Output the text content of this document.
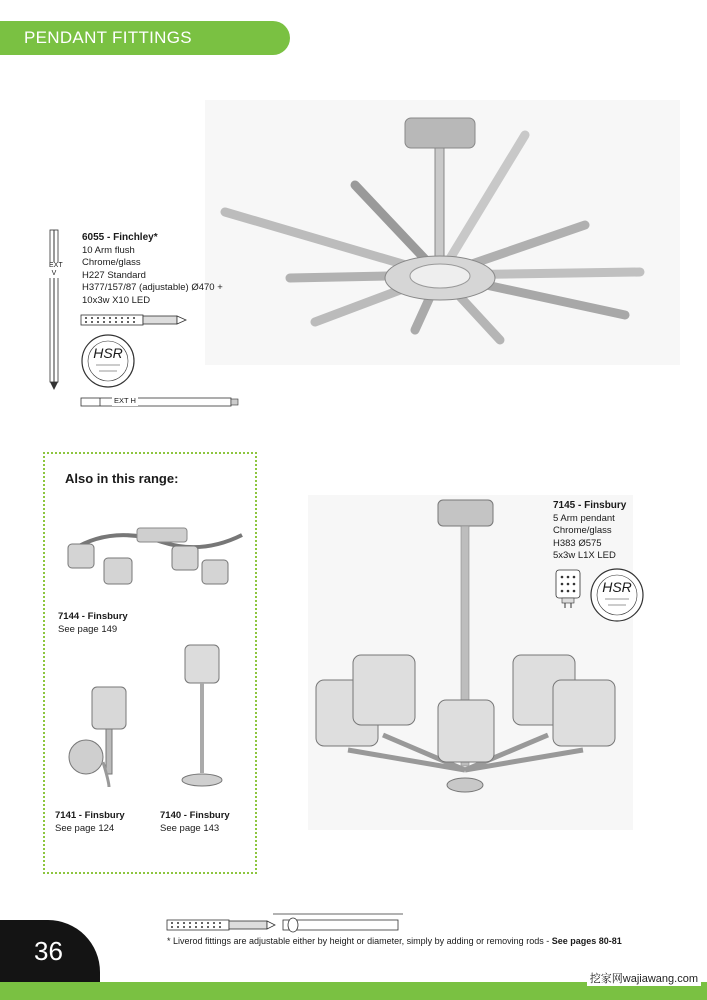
PENDANT FITTINGS
EXT V
6055 - Finchley*
10 Arm flush
Chrome/glass
H227 Standard
H377/157/87 (adjustable) Ø470 +
10x3w X10 LED
HSR
EXT H
Also in this range:
7144 - Finsbury
See page 149
7141 - Finsbury
See page 124
7140 - Finsbury
See page 143
7145 - Finsbury
5 Arm pendant
Chrome/glass
H383 Ø575
5x3w L1X LED
HSR
* Liverod fittings are adjustable either by height or diameter, simply by adding or removing rods - See pages 80-81
36
挖家网wajiawang.com
